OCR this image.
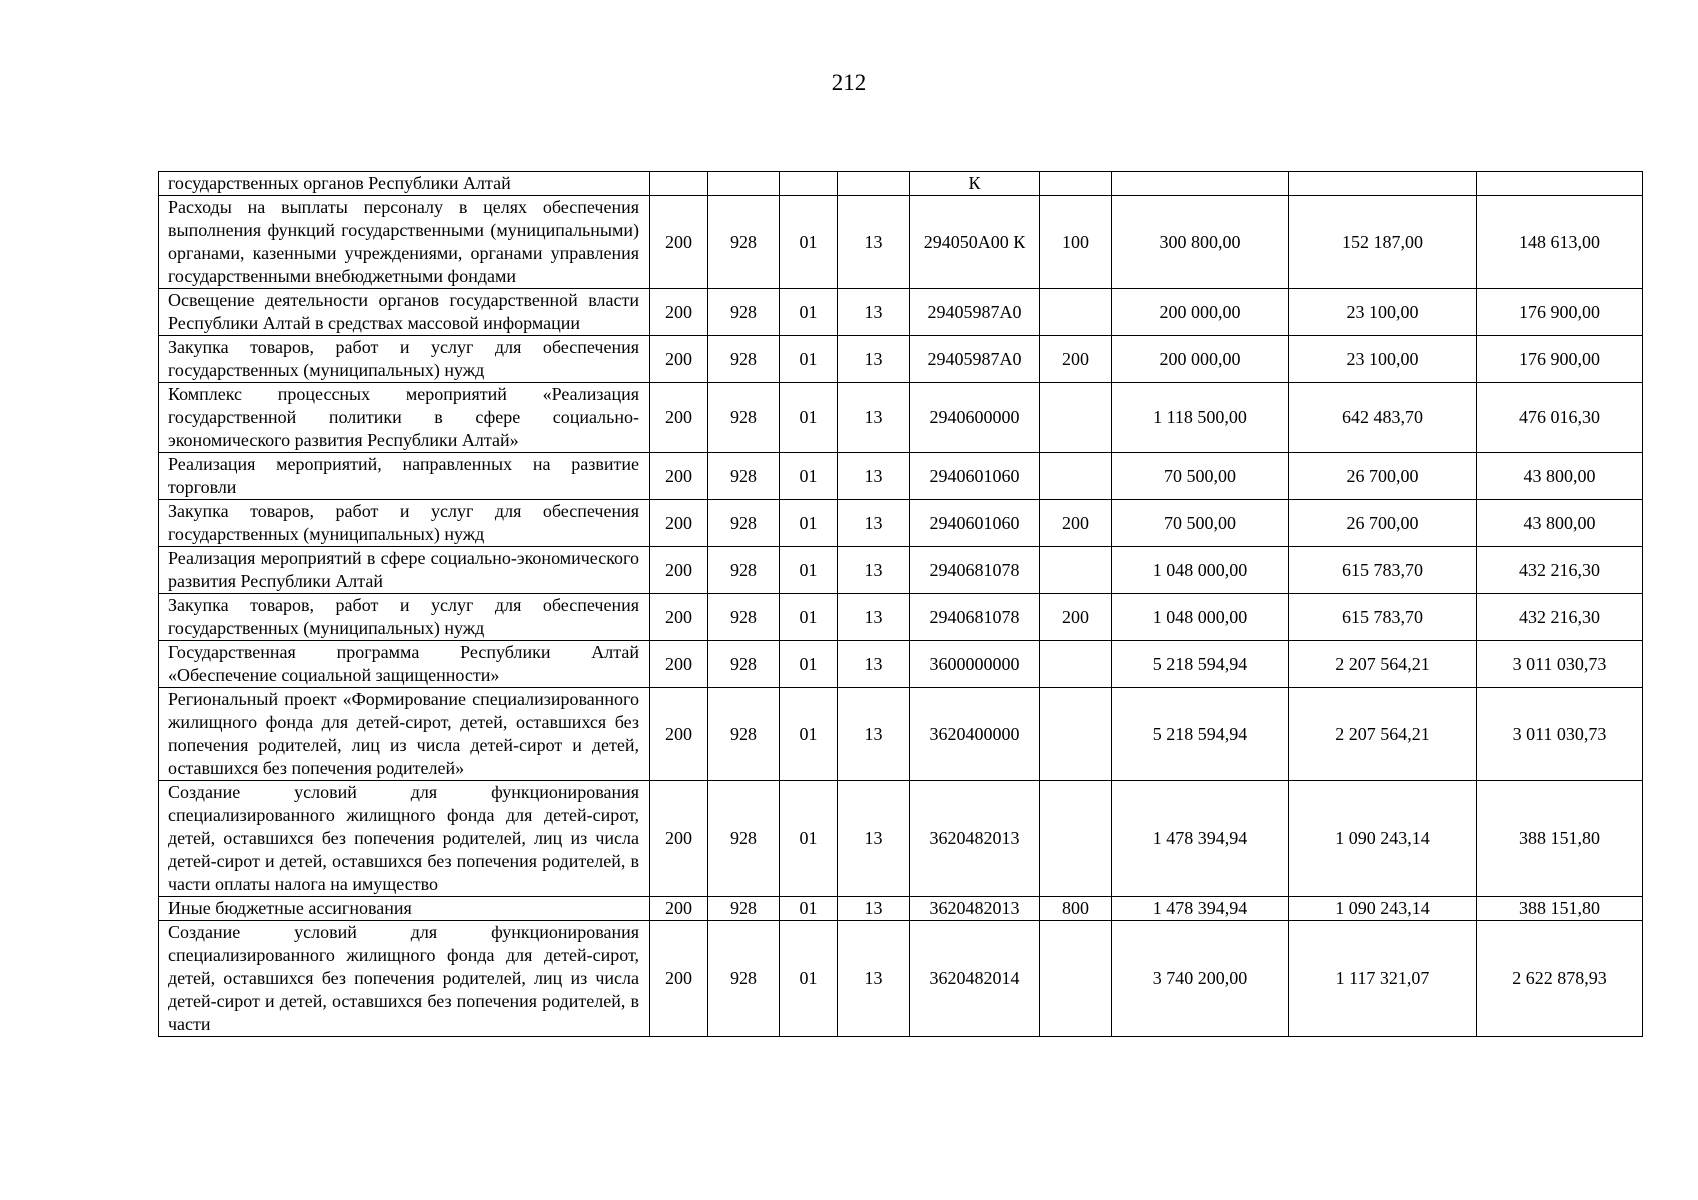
212
государственных органов Республики Алтай					К				
Расходы на выплаты персоналу в целях обеспечения выполнения функций государственными (муниципальными) органами, казенными учреждениями, органами управления государственными внебюджетными фондами	200	928	01	13	294050А00 К	100	300 800,00	152 187,00	148 613,00
Освещение деятельности органов государственной власти Республики Алтай в средствах массовой информации	200	928	01	13	29405987А0		200 000,00	23 100,00	176 900,00
Закупка товаров, работ и услуг для обеспечения государственных (муниципальных) нужд	200	928	01	13	29405987А0	200	200 000,00	23 100,00	176 900,00
Комплекс процессных мероприятий «Реализация государственной политики в сфере социально-экономического развития Республики Алтай»	200	928	01	13	2940600000		1 118 500,00	642 483,70	476 016,30
Реализация мероприятий, направленных на развитие торговли	200	928	01	13	2940601060		70 500,00	26 700,00	43 800,00
Закупка товаров, работ и услуг для обеспечения государственных (муниципальных) нужд	200	928	01	13	2940601060	200	70 500,00	26 700,00	43 800,00
Реализация мероприятий в сфере социально-экономического развития Республики Алтай	200	928	01	13	2940681078		1 048 000,00	615 783,70	432 216,30
Закупка товаров, работ и услуг для обеспечения государственных (муниципальных) нужд	200	928	01	13	2940681078	200	1 048 000,00	615 783,70	432 216,30
Государственная программа Республики Алтай «Обеспечение социальной защищенности»	200	928	01	13	3600000000		5 218 594,94	2 207 564,21	3 011 030,73
Региональный проект «Формирование специализированного жилищного фонда для детей-сирот, детей, оставшихся без попечения родителей, лиц из числа детей-сирот и детей, оставшихся без попечения родителей»	200	928	01	13	3620400000		5 218 594,94	2 207 564,21	3 011 030,73
Создание условий для функционирования специализированного жилищного фонда для детей-сирот, детей, оставшихся без попечения родителей, лиц из числа детей-сирот и детей, оставшихся без попечения родителей, в части оплаты налога на имущество	200	928	01	13	3620482013		1 478 394,94	1 090 243,14	388 151,80
Иные бюджетные ассигнования	200	928	01	13	3620482013	800	1 478 394,94	1 090 243,14	388 151,80
Создание условий для функционирования специализированного жилищного фонда для детей-сирот, детей, оставшихся без попечения родителей, лиц из числа детей-сирот и детей, оставшихся без попечения родителей, в части	200	928	01	13	3620482014		3 740 200,00	1 117 321,07	2 622 878,93
